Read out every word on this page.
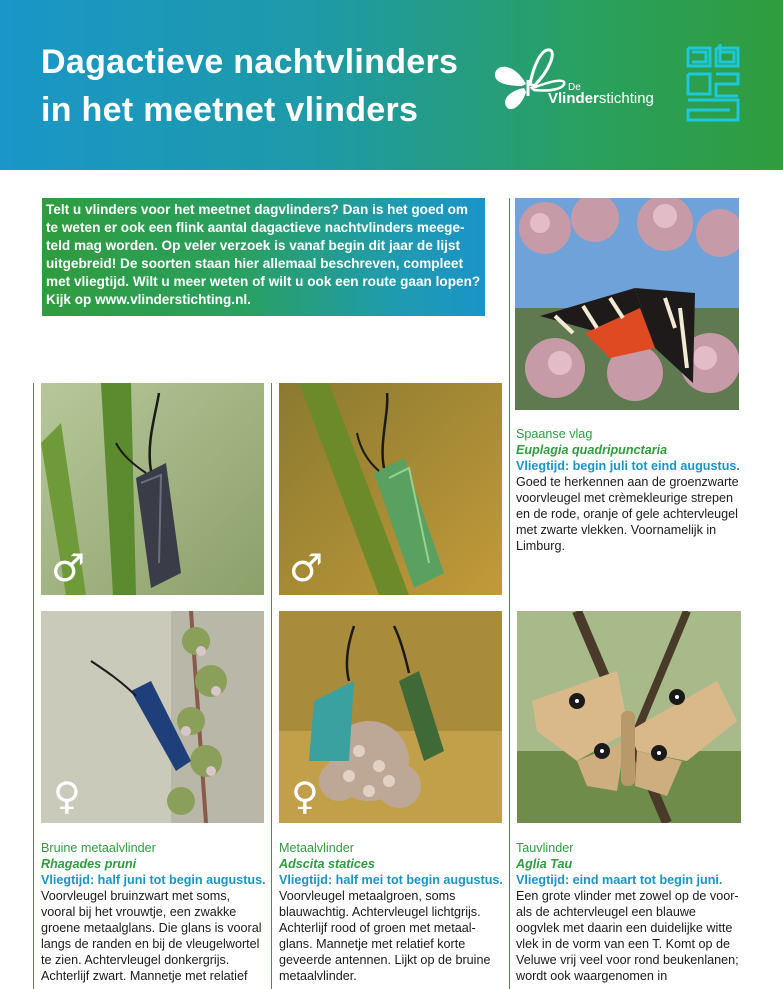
Dagactieve nachtvlinders
in het meetnet vlinders
De
Vlinderstichting
Telt u vlinders voor het meetnet dagvlinders? Dan is het goed om te weten er ook een flink aantal dagactieve nachtvlinders meegeteld mag worden. Op veler verzoek is vanaf begin dit jaar de lijst uitgebreid! De soorten staan hier allemaal beschreven, compleet met vliegtijd. Wilt u meer weten of wilt u ook een route gaan lopen? Kijk op www.vlinderstichting.nl.
♂	♂
♀	♀
Spaanse vlag
Euplagia quadripunctaria
Vliegtijd: begin juli tot eind augustus.
Goed te herkennen aan de groenzwarte voorvleugel met crèmekleurige strepen en de rode, oranje of gele achtervleugel met zwarte vlekken. Voornamelijk in Limburg.
Bruine metaalvlinder
Rhagades pruni
Vliegtijd: half juni tot begin augustus.
Voorvleugel bruinzwart met soms, vooral bij het vrouwtje, een zwakke groene metaalglans. Die glans is vooral langs de randen en bij de vleugelwortel te zien. Achtervleugel donkergrijs. Achterlijf zwart. Mannetje met relatief
Metaalvlinder
Adscita statices
Vliegtijd: half mei tot begin augustus.
Voorvleugel metaalgroen, soms blauwachtig. Achtervleugel lichtgrijs. Achterlijf rood of groen met metaalglans. Mannetje met relatief korte geveerde antennen. Lijkt op de bruine metaalvlinder.
Tauvlinder
Aglia Tau
Vliegtijd: eind maart tot begin juni.
Een grote vlinder met zowel op de voor- als de achtervleugel een blauwe oogvlek met daarin een duidelijke witte vlek in de vorm van een T. Komt op de Veluwe vrij veel voor rond beukenlanen; wordt ook waargenomen in
